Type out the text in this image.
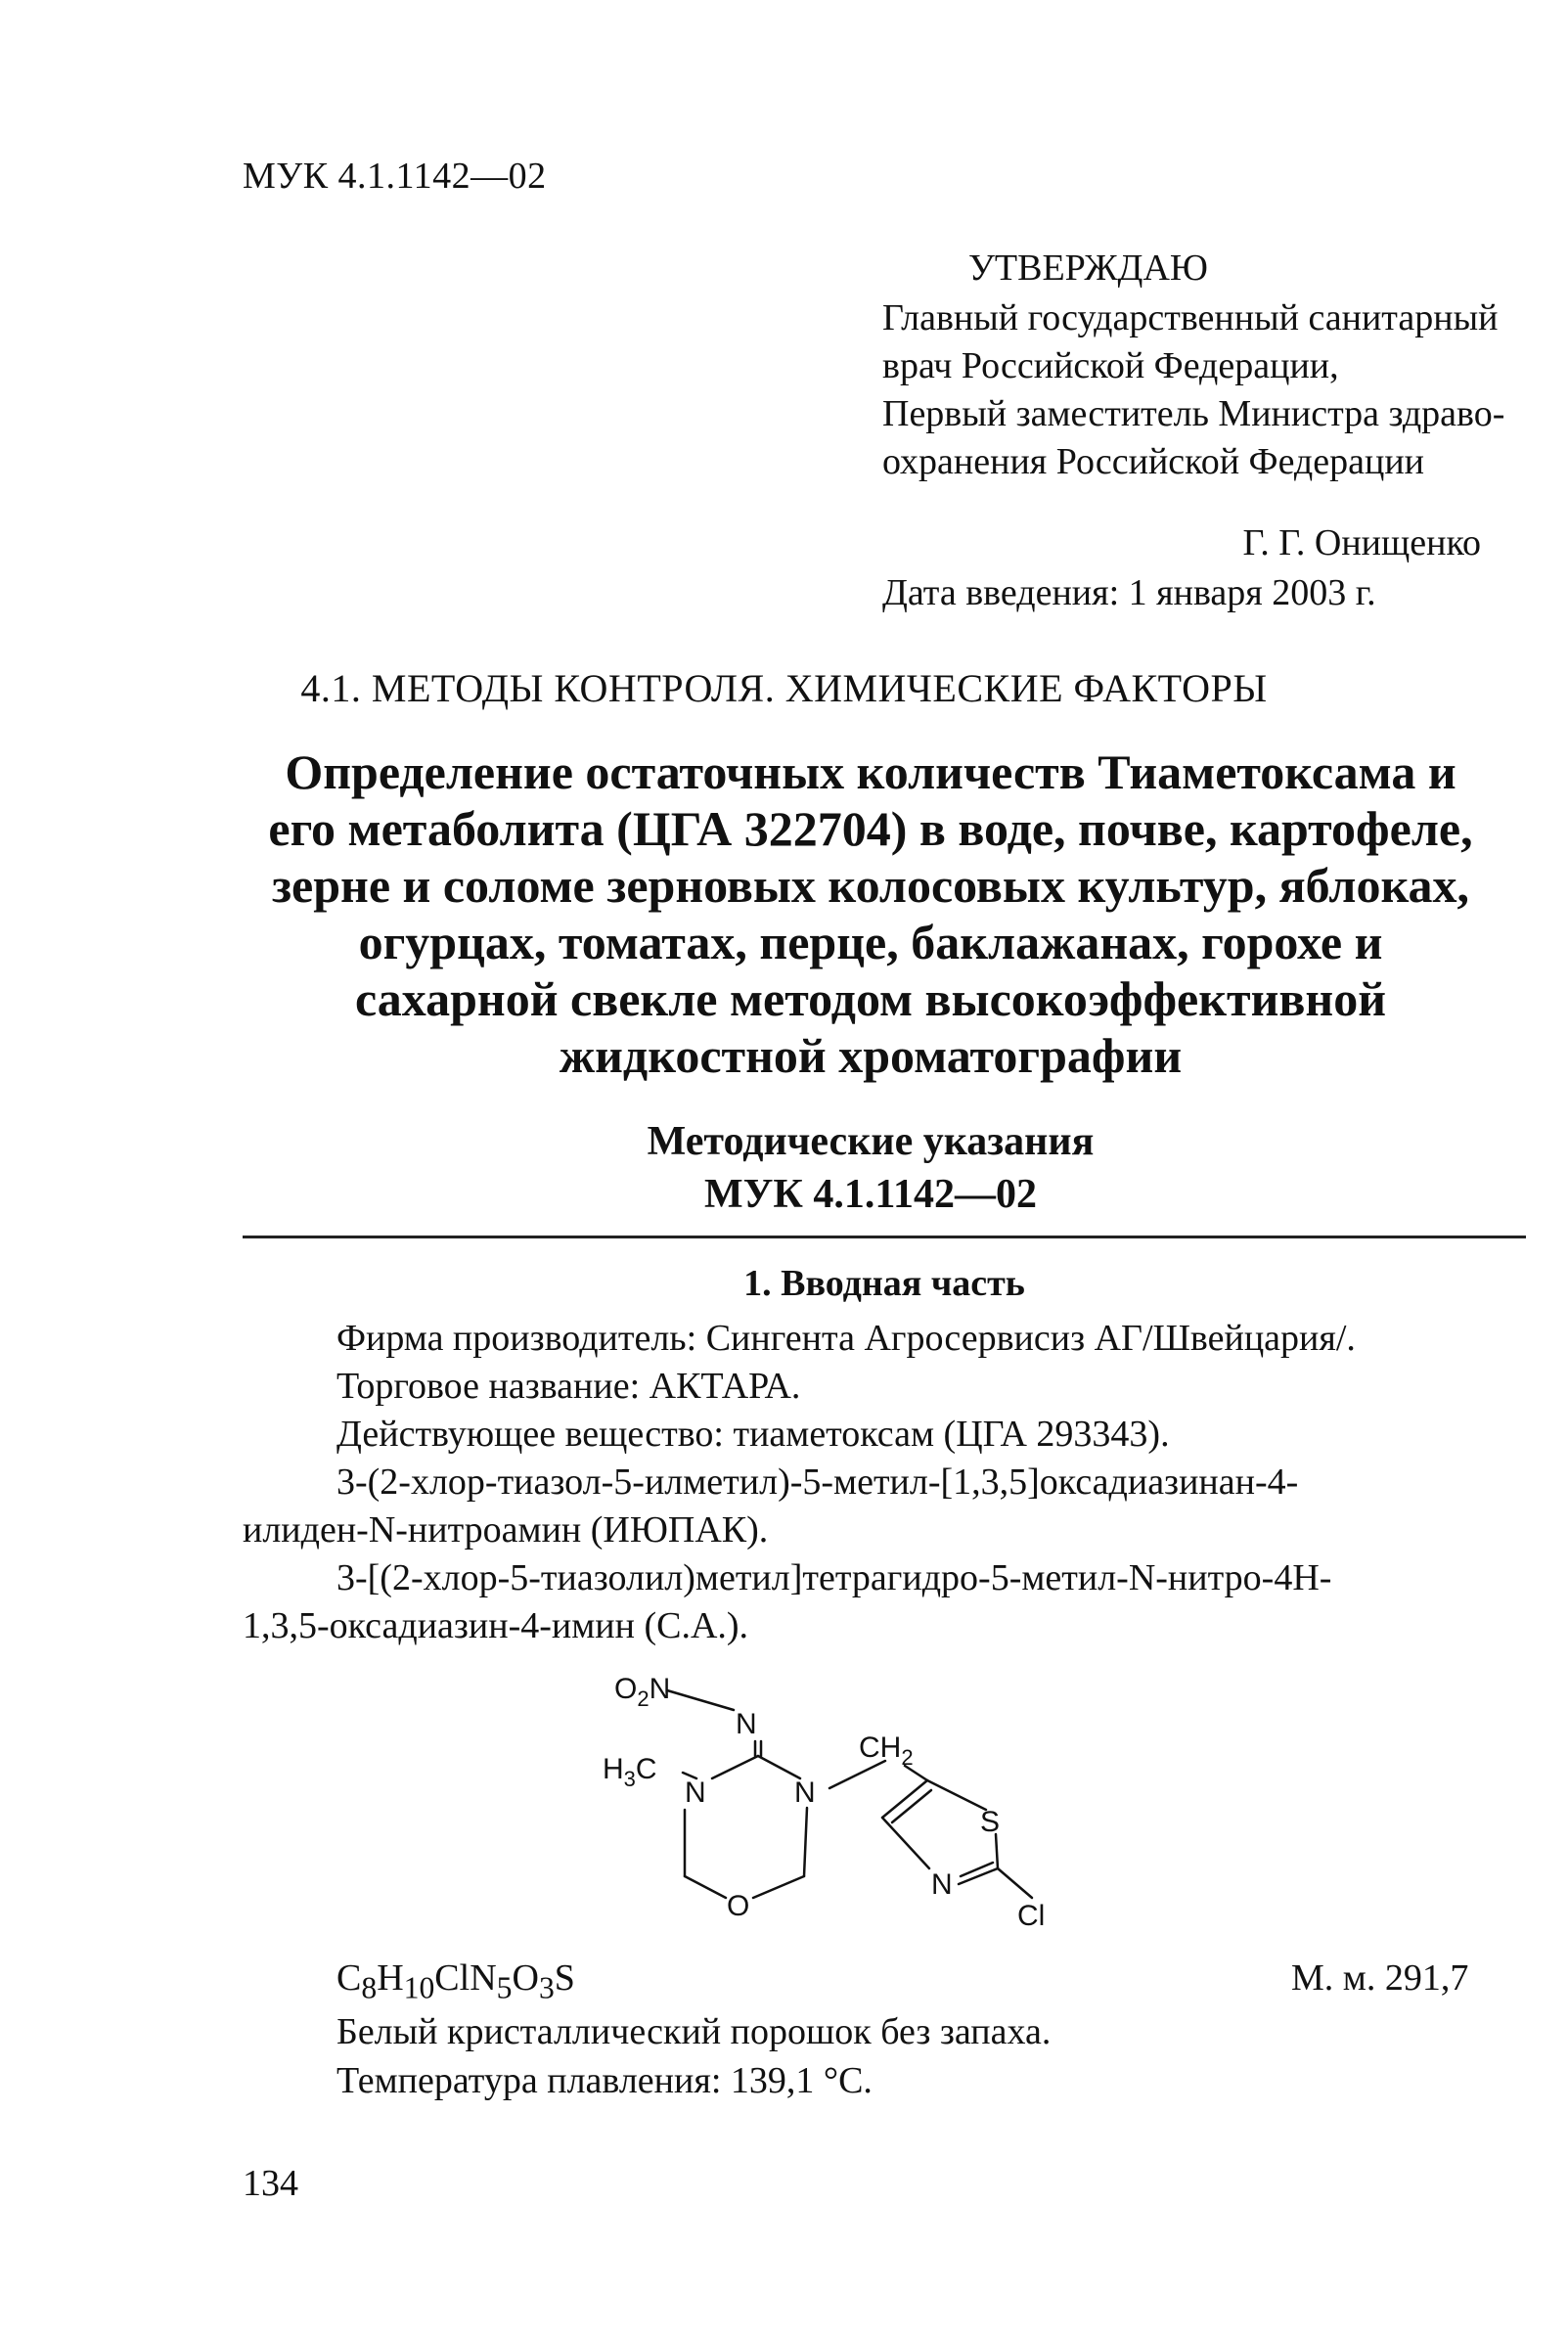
МУК 4.1.1142—02
УТВЕРЖДАЮ
Главный государственный санитарный
врач Российской Федерации,
Первый заместитель Министра здраво-
охранения Российской Федерации
Г. Г. Онищенко
Дата введения: 1 января 2003 г.
4.1. МЕТОДЫ КОНТРОЛЯ. ХИМИЧЕСКИЕ ФАКТОРЫ
Определение остаточных количеств Тиаметоксама и
его метаболита (ЦГА 322704) в воде, почве, картофеле,
зерне и соломе зерновых колосовых культур, яблоках,
огурцах, томатах, перце, баклажанах, горохе и
сахарной свекле методом высокоэффективной
жидкостной хроматографии
Методические указания
МУК 4.1.1142—02
1. Вводная часть
Фирма производитель: Сингента Агросервисиз АГ/Швейцария/.
Торговое название: АКТАРА.
Действующее вещество: тиаметоксам (ЦГА 293343).
3-(2-хлор-тиазол-5-илметил)-5-метил-[1,3,5]оксадиазинан-4-
илиден-N-нитроамин (ИЮПАК).
3-[(2-хлор-5-тиазолил)метил]тетрагидро-5-метил-N-нитро-4Н-
1,3,5-оксадиазин-4-имин (С.А.).
$O_2N$
N
$H_3C$
N	N
$CH_2$
S
O
N
Cl
$C_8H_{10}ClN_5O_3S$	М. м. 291,7
Белый кристаллический порошок без запаха.
Температура плавления: 139,1 °С.
134
